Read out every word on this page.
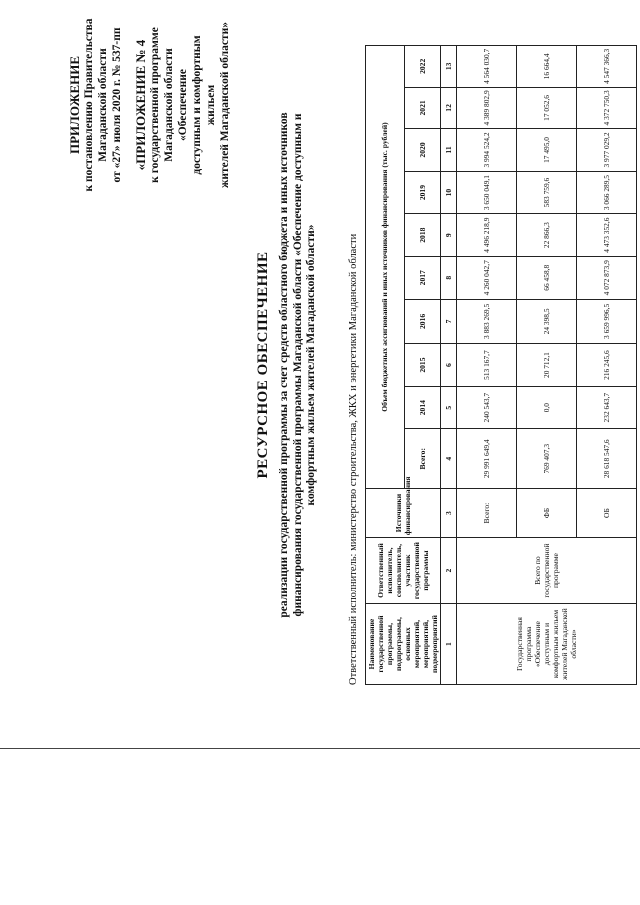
ПРИЛОЖЕНИЕ к постановлению Правительства Магаданской области от «27» июля 2020 г. № 537-пп «ПРИЛОЖЕНИЕ № 4 к государственной программе Магаданской области «Обеспечение доступным и комфортным жильем жителей Магаданской области»
РЕСУРСНОЕ ОБЕСПЕЧЕНИЕ реализации государственной программы за счет средств областного бюджета и иных источников финансирования государственной программы Магаданской области «Обеспечение доступным и комфортным жильем жителей Магаданской области»	Ответственный исполнитель: министерство строительства, ЖКХ и энергетики Магаданской области Наименование государственной программы, подпрограммы, основных мероприятий, мероприятий, подмероприятий	Ответственный исполнитель, соисполнитель, участник государственной программы	Источники финансирования	Объем бюджетных ассигнований и иных источников финансирования (тыс. рублей)									
			Всего:	2014	2015	2016	2017	2018	2019	2020	2021	2022
1	2	3	4	5	6	7	8	9	10	11	12	13
Государственная программа «Обеспечение доступным и комфортным жильем жителей Магаданской области»	Всего по государственной программе	Всего:	29 991 649,4	240 543,7	513 167,7	3 883 269,5	4 260 042,7	4 496 218,9	3 650 049,1	3 994 524,2	4 389 802,9	4 564 030,7
		ФБ	769 407,3	0,0	20 712,1	24 398,5	66 458,8	22 866,3	583 759,6	17 495,0	17 052,6	16 664,4
		ОБ	28 618 547,6	232 643,7	216 245,6	3 659 996,5	4 072 873,9	4 473 352,6	3 066 289,5	3 977 029,2	4 372 750,3	4 547 366,3
